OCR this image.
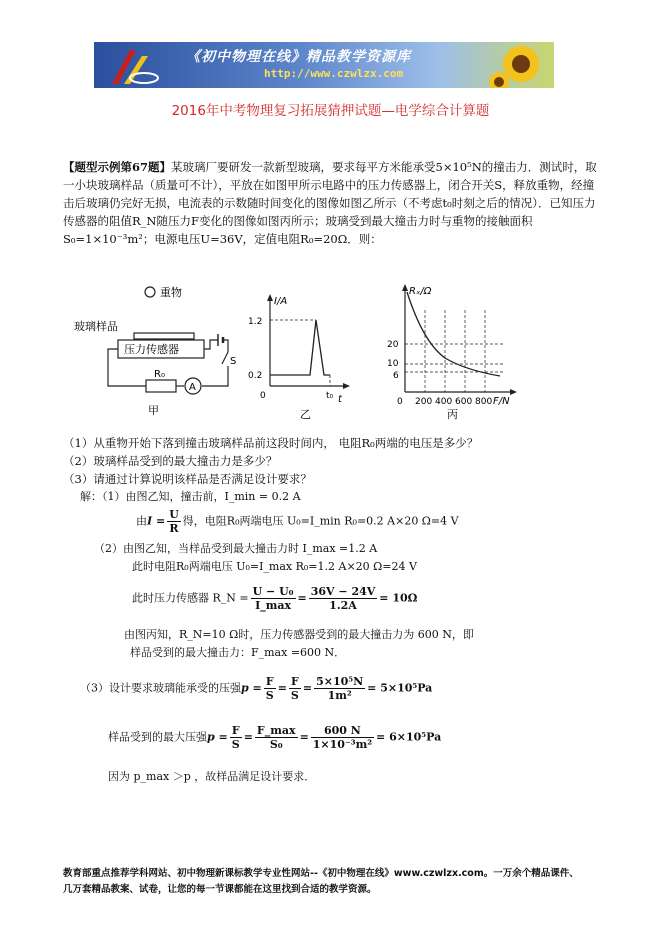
《初中物理在线》精品教学资源库
http://www.czwlzx.com
2016年中考物理复习拓展猜押试题—电学综合计算题
【题型示例第67题】某玻璃厂要研发一款新型玻璃，要求每平方米能承受5×10⁵N的撞击力．测试时，取一小块玻璃样品（质量可不计），平放在如图甲所示电路中的压力传感器上，闭合开关S，释放重物，经撞击后玻璃仍完好无损，电流表的示数随时间变化的图像如图乙所示（不考虑t₀时刻之后的情况）．已知压力传感器的阻值R_N随压力F变化的图像如图丙所示；玻璃受到最大撞击力时与重物的接触面积S₀=1×10⁻³m²；电源电压U=36V，定值电阻R₀=20Ω．则：
重物
玻璃样品
压力传感器
S
R₀
A
甲
I/A
t
1.2
0.2
0	t₀
乙
Rₓ/Ω
F/N
20
10
6
0 200 400 600 800
丙
（1）从重物开始下落到撞击玻璃样品前这段时间内， 电阻R₀两端的电压是多少？
（2）玻璃样品受到的最大撞击力是多少？
（3）请通过计算说明该样品是否满足设计要求？
解：（1）由图乙知，撞击前，I_min = 0.2 A
由$I = \frac{U}{R}$ 得，电阻R₀两端电压 U₀=I_min R₀=0.2 A×20 Ω=4 V
（2）由图乙知，当样品受到最大撞击力时 I_max =1.2 A
此时电阻R₀两端电压 U₀=I_max R₀=1.2 A×20 Ω=24 V
此时压力传感器 R_N = $\frac{\text{U − U₀}}{I\_\max} = \frac{36V - 24V}{1.2A} = 10\Omega$
由图丙知，R_N=10 Ω时，压力传感器受到的最大撞击力为 600 N，即
样品受到的最大撞击力：F_max =600 N．
（3）设计要求玻璃能承受的压强$p = \frac{F}{S} = \frac{F}{S} = \frac{\text{5×10⁵N}}{\text{1m²}} = 5\times 10^5Pa$
样品受到的最大压强$p = \frac{F}{S} = \frac{F\_\max}{\text{S₀}} = \frac{600 N}{\text{1×10⁻³m²}} = 6\times 10^5Pa$
因为 p_max ＞p ，故样品满足设计要求．
教育部重点推荐学科网站、初中物理新课标教学专业性网站--《初中物理在线》www.czwlzx.com。一万余个精品课件、
几万套精品教案、试卷，让您的每一节课都能在这里找到合适的教学资源。
